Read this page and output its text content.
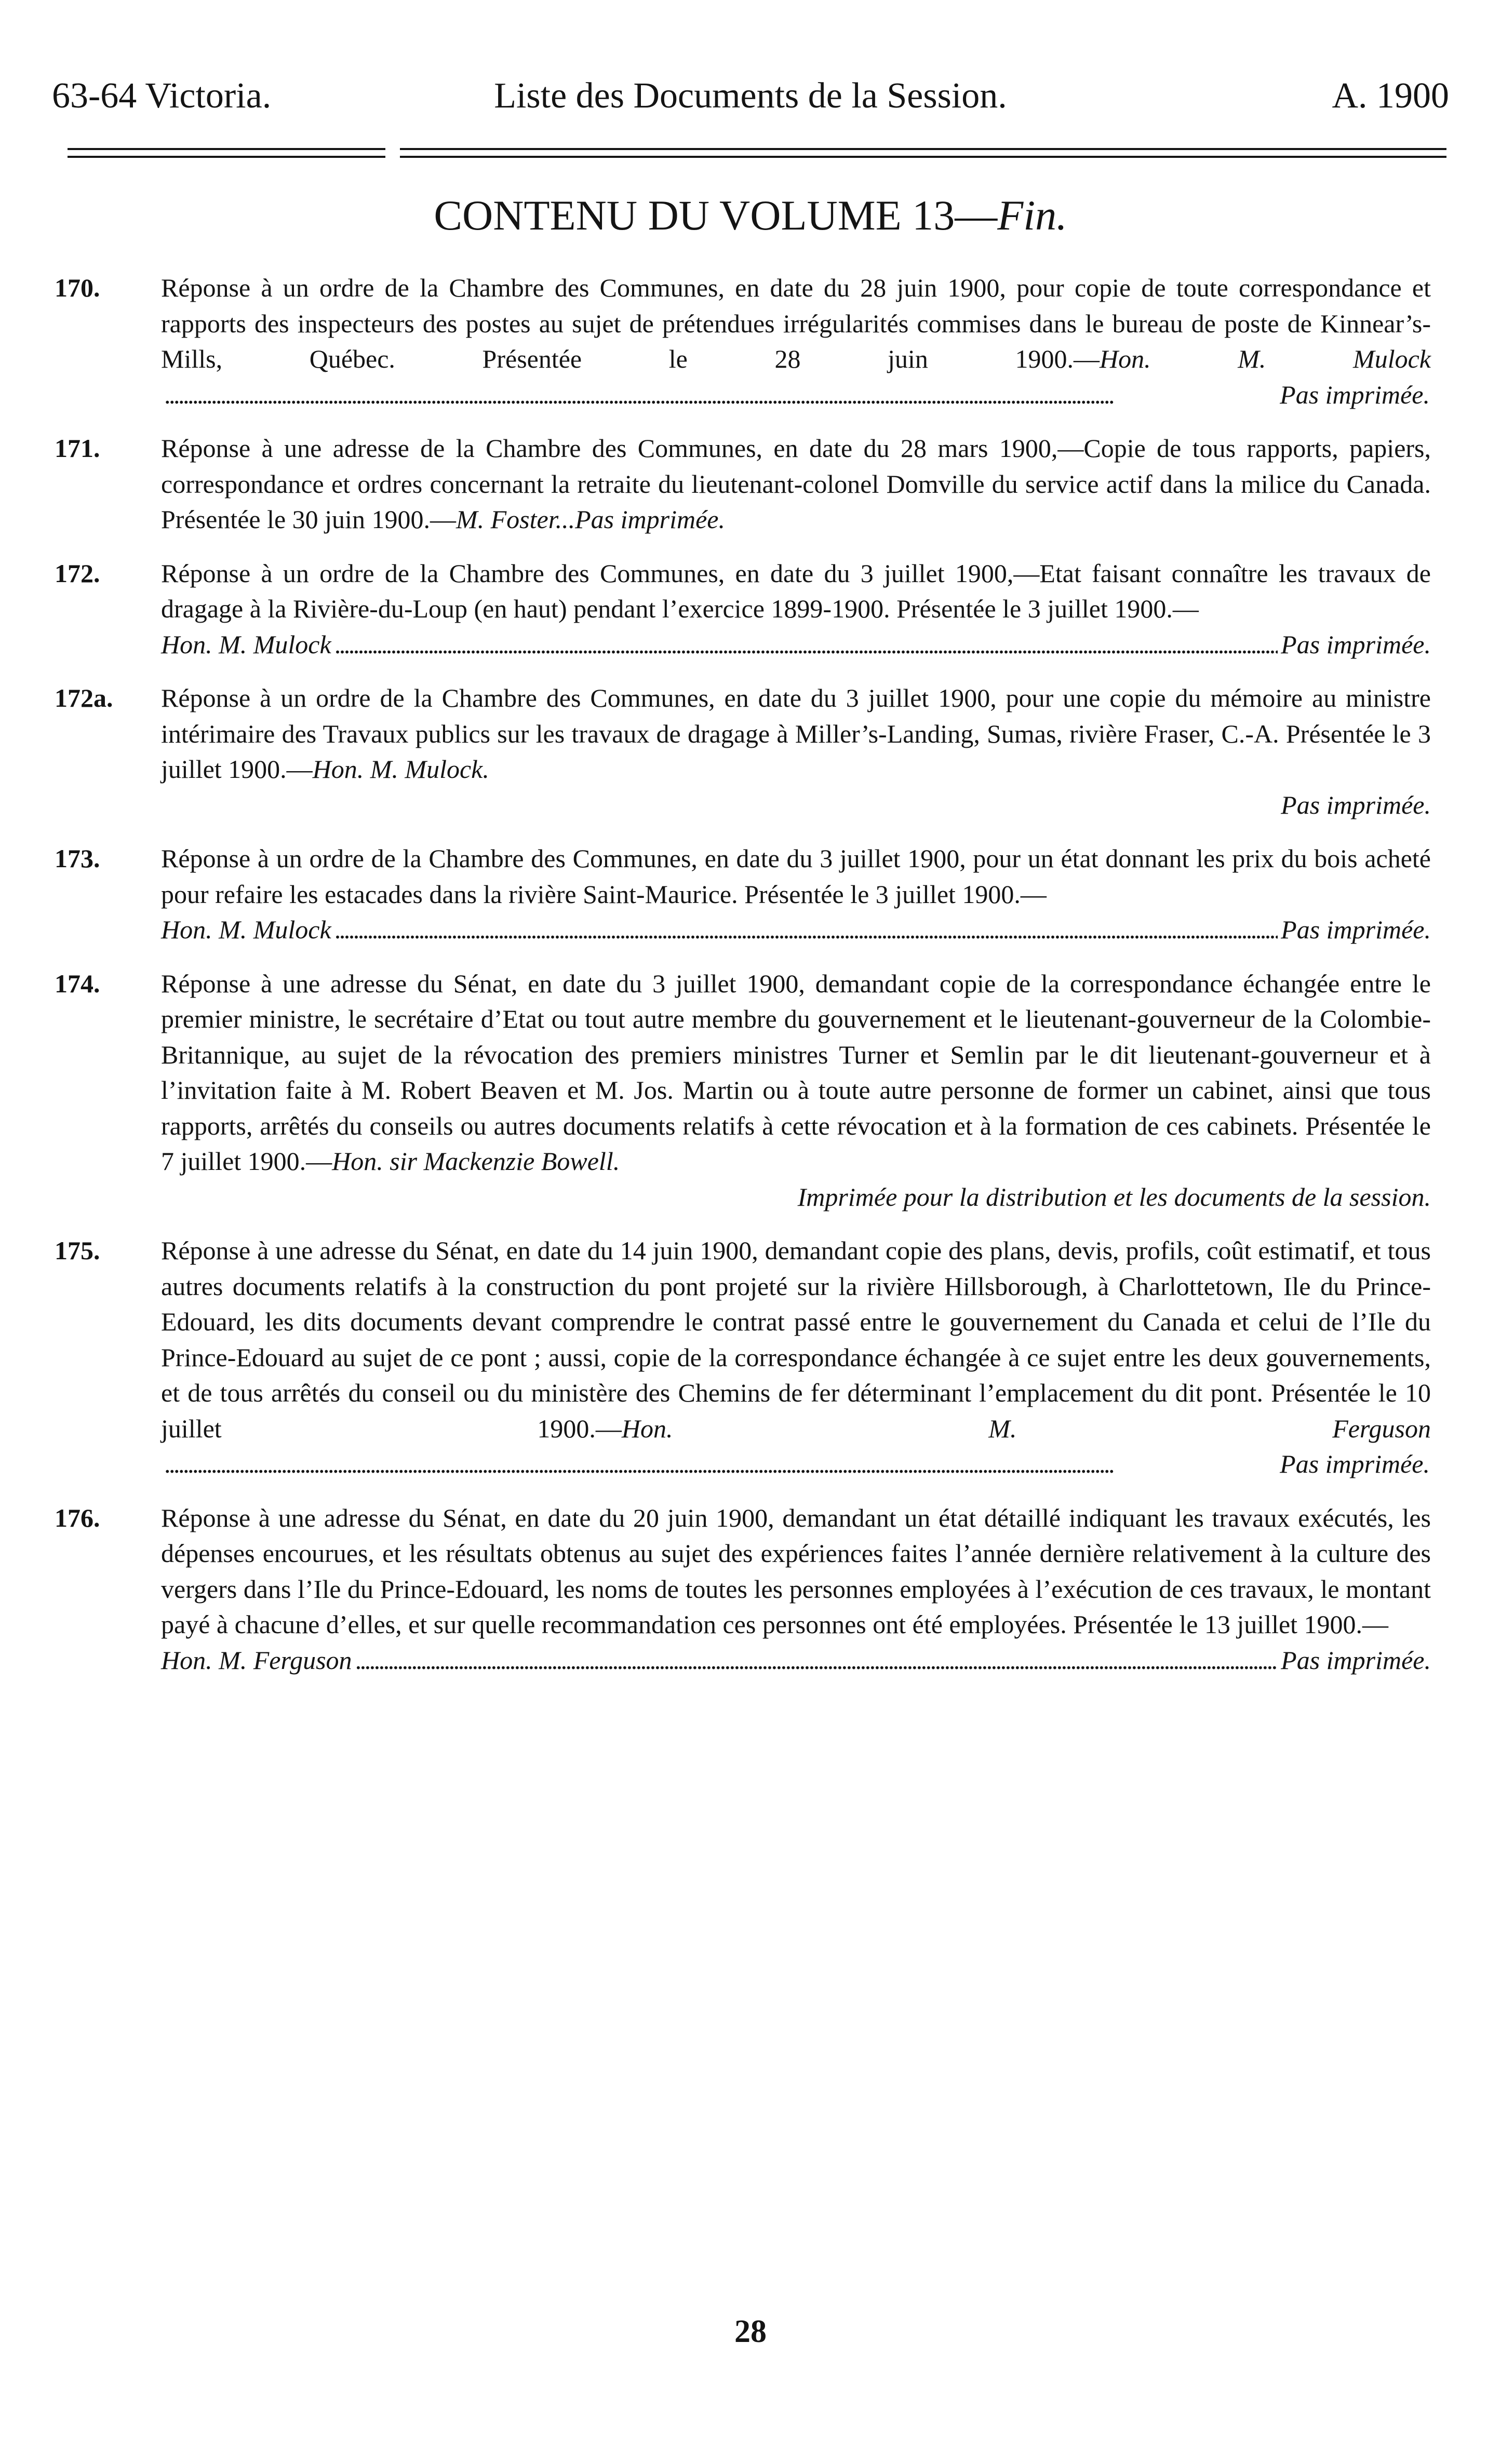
63-64 Victoria.	Liste des Documents de la Session.	A. 1900
CONTENU DU VOLUME 13—Fin.
170.	Réponse à un ordre de la Chambre des Communes, en date du 28 juin 1900, pour copie de toute correspondance et rapports des inspecteurs des postes au sujet de prétendues irrégularités commises dans le bureau de poste de Kinnear’s-Mills, Québec. Présentée le 28 juin 1900.—Hon. M. Mulock
. . .
Pas imprimée.
171.	Réponse à une adresse de la Chambre des Communes, en date du 28 mars 1900,—Copie de tous rapports, papiers, correspondance et ordres concernant la retraite du lieutenant-colonel Domville du service actif dans la milice du Canada. Présentée le 30 juin 1900.—M. Foster...Pas imprimée.
172.	Réponse à un ordre de la Chambre des Communes, en date du 3 juillet 1900,—Etat faisant connaître les travaux de dragage à la Rivière-du-Loup (en haut) pendant l’exercice 1899-1900. Présentée le 3 juillet 1900.—
Hon. M. Mulock . . .	Pas imprimée.
172a.	Réponse à un ordre de la Chambre des Communes, en date du 3 juillet 1900, pour une copie du mémoire au ministre intérimaire des Travaux publics sur les travaux de dragage à Miller’s-Landing, Sumas, rivière Fraser, C.-A. Présentée le 3 juillet 1900.—Hon. M. Mulock.
Pas imprimée.
173.	Réponse à un ordre de la Chambre des Communes, en date du 3 juillet 1900, pour un état donnant les prix du bois acheté pour refaire les estacades dans la rivière Saint-Maurice. Présentée le 3 juillet 1900.—
Hon. M. Mulock . . .	Pas imprimée.
174.	Réponse à une adresse du Sénat, en date du 3 juillet 1900, demandant copie de la correspondance échangée entre le premier ministre, le secrétaire d’Etat ou tout autre membre du gouvernement et le lieutenant-gouverneur de la Colombie-Britannique, au sujet de la révocation des premiers ministres Turner et Semlin par le dit lieutenant-gouverneur et à l’invitation faite à M. Robert Beaven et M. Jos. Martin ou à toute autre personne de former un cabinet, ainsi que tous rapports, arrêtés du conseils ou autres documents relatifs à cette révocation et à la formation de ces cabinets. Présentée le 7 juillet 1900.—Hon. sir Mackenzie Bowell.
Imprimée pour la distribution et les documents de la session.
175.	Réponse à une adresse du Sénat, en date du 14 juin 1900, demandant copie des plans, devis, profils, coût estimatif, et tous autres documents relatifs à la construction du pont projeté sur la rivière Hillsborough, à Charlottetown, Ile du Prince-Edouard, les dits documents devant comprendre le contrat passé entre le gouvernement du Canada et celui de l’Ile du Prince-Edouard au sujet de ce pont ; aussi, copie de la correspondance échangée à ce sujet entre les deux gouvernements, et de tous arrêtés du conseil ou du ministère des Chemins de fer déterminant l’emplacement du dit pont. Présentée le 10 juillet 1900.—Hon. M. Ferguson
. . .
Pas imprimée.
176.	Réponse à une adresse du Sénat, en date du 20 juin 1900, demandant un état détaillé indiquant les travaux exécutés, les dépenses encourues, et les résultats obtenus au sujet des expériences faites l’année dernière relativement à la culture des vergers dans l’Ile du Prince-Edouard, les noms de toutes les personnes employées à l’exécution de ces travaux, le montant payé à chacune d’elles, et sur quelle recommandation ces personnes ont été employées. Présentée le 13 juillet 1900.—
Hon. M. Ferguson . . .	Pas imprimée.
28
